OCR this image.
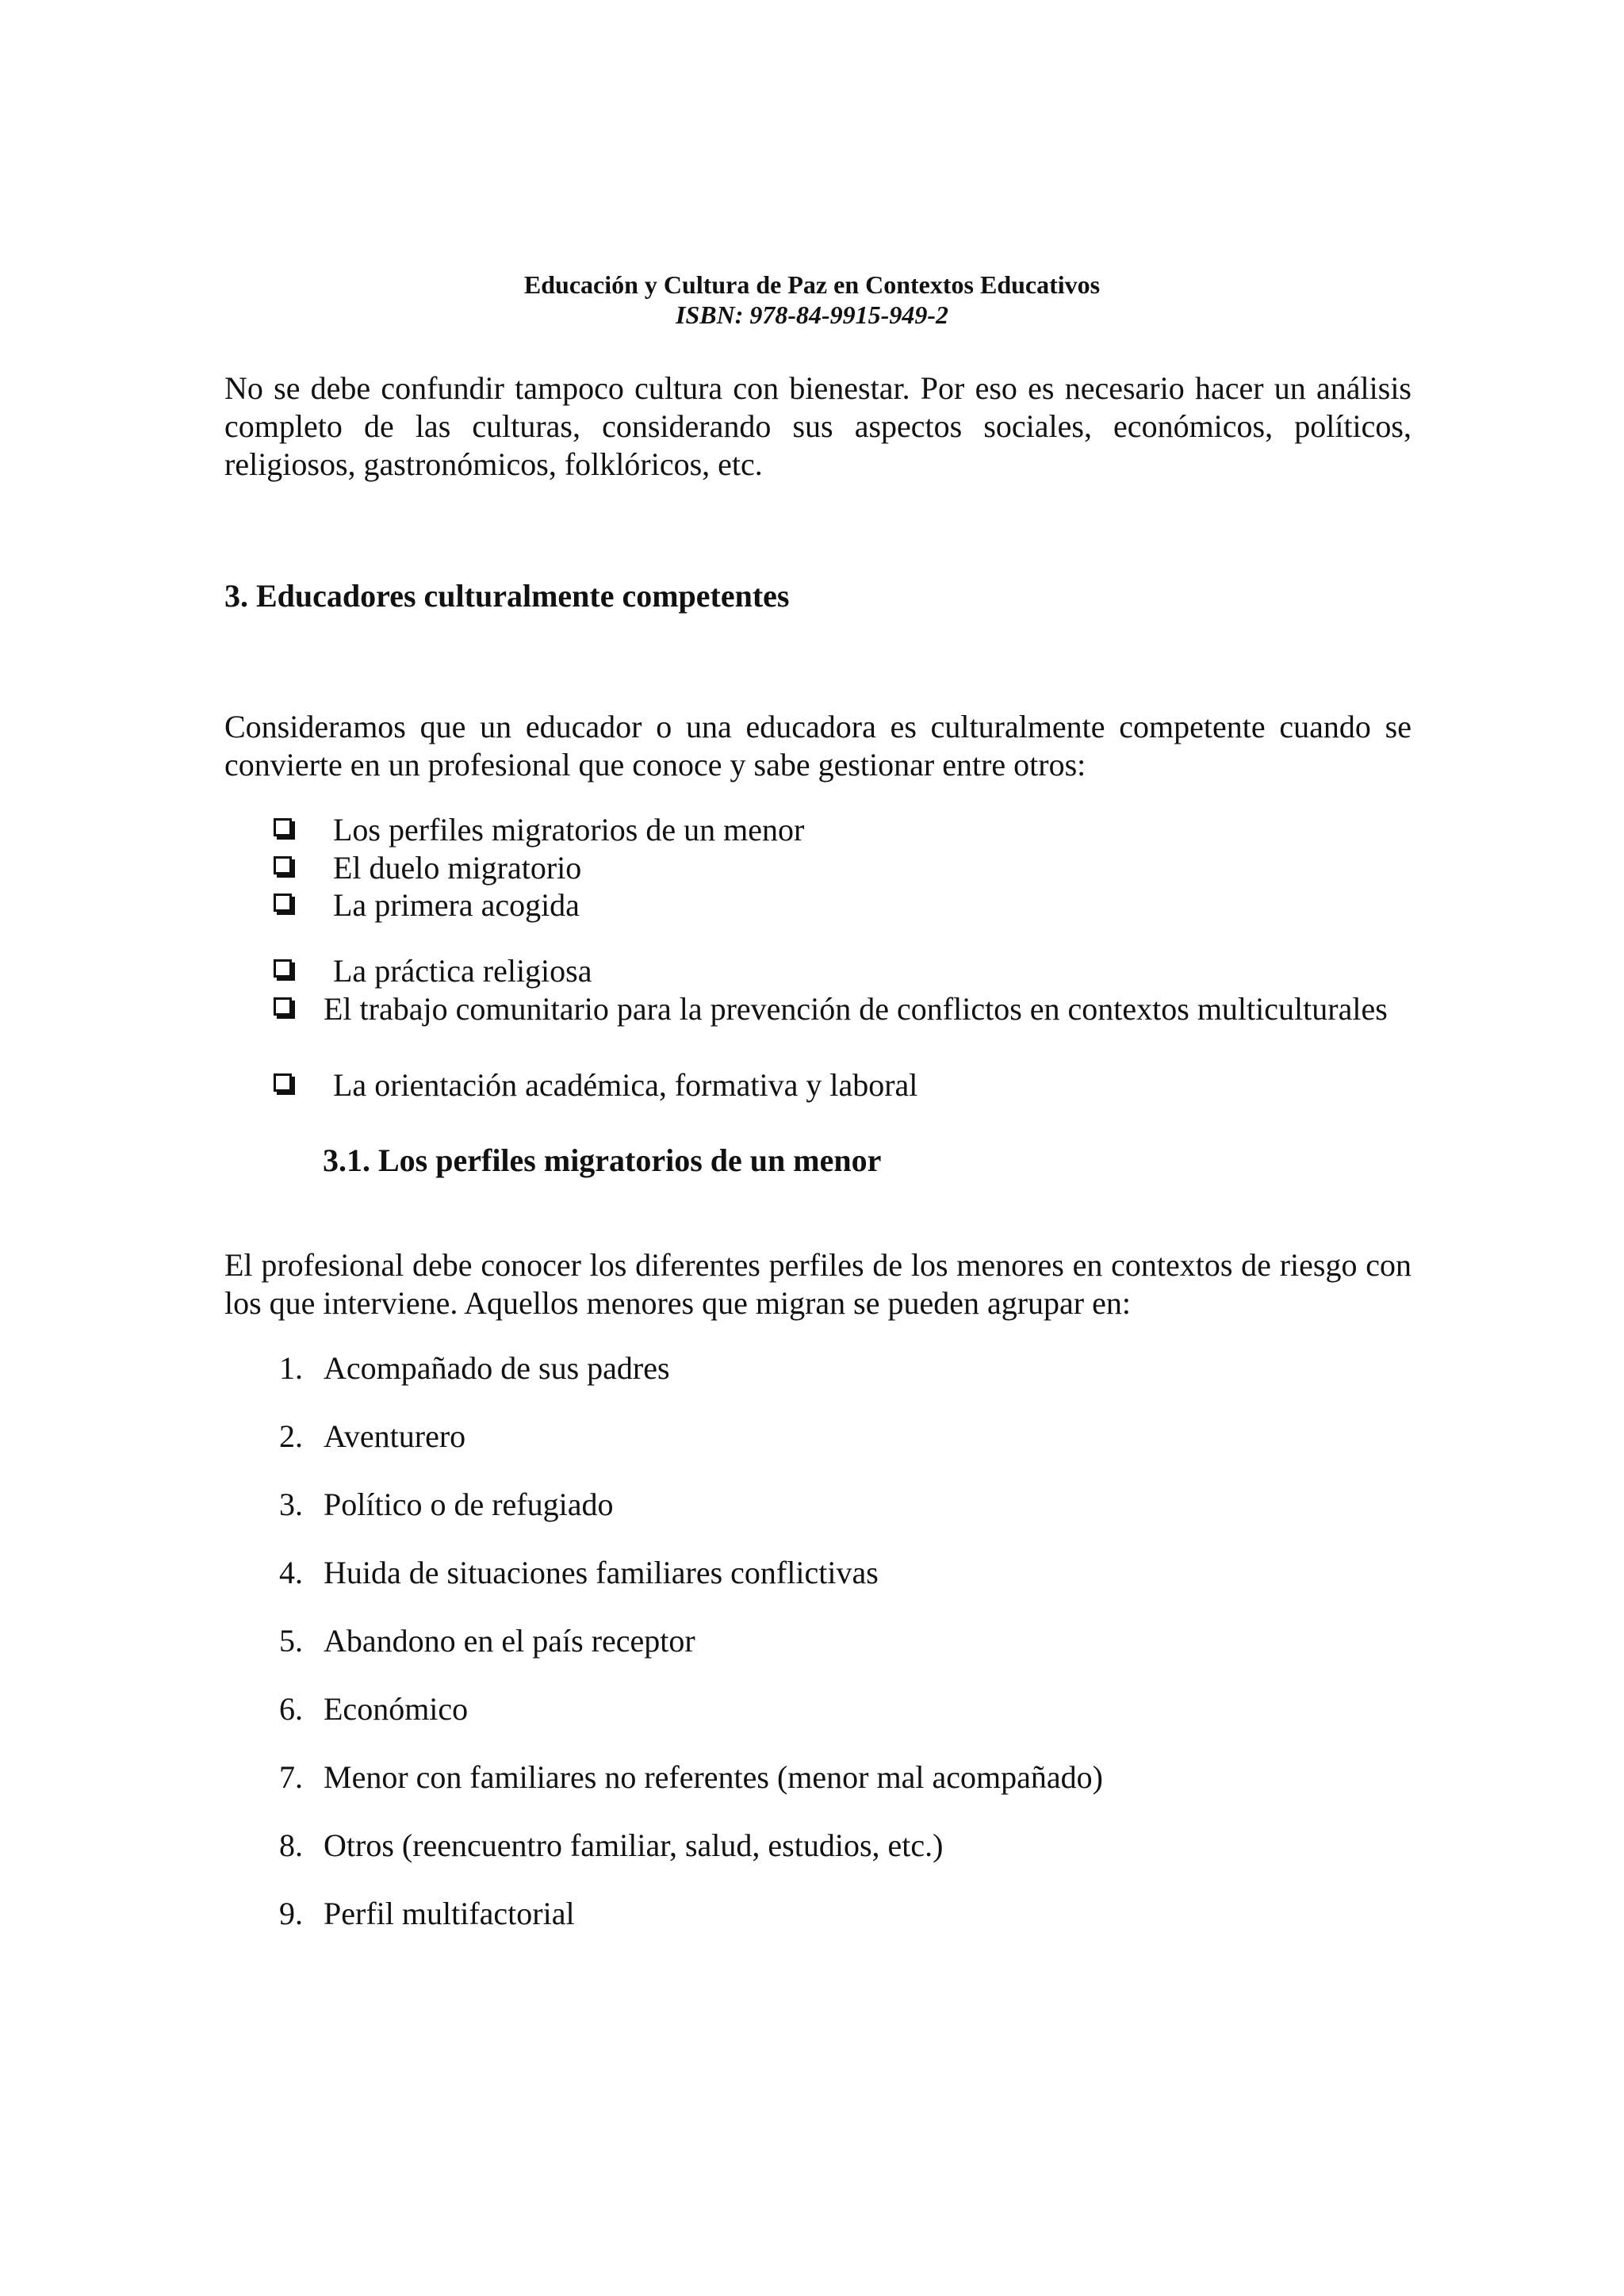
Educación y Cultura de Paz en Contextos Educativos
ISBN: 978-84-9915-949-2

No se debe confundir tampoco cultura con bienestar. Por eso es necesario hacer un análisis completo de las culturas, considerando sus aspectos sociales, económicos, políticos, religiosos, gastronómicos, folklóricos, etc.

3. Educadores culturalmente competentes

Consideramos que un educador o una educadora es culturalmente competente cuando se convierte en un profesional que conoce y sabe gestionar entre otros:

Los perfiles migratorios de un menor
El duelo migratorio
La primera acogida
La práctica religiosa
El trabajo comunitario para la prevención de conflictos en contextos multiculturales
La orientación académica, formativa y laboral
3.1. Los perfiles migratorios de un menor

El profesional debe conocer los diferentes perfiles de los menores en contextos de riesgo con los que interviene. Aquellos menores que migran se pueden agrupar en:

1. Acompañado de sus padres
2. Aventurero
3. Político o de refugiado
4. Huida de situaciones familiares conflictivas
5. Abandono en el país receptor
6. Económico
7. Menor con familiares no referentes (menor mal acompañado)
8. Otros (reencuentro familiar, salud, estudios, etc.)
9. Perfil multifactorial
